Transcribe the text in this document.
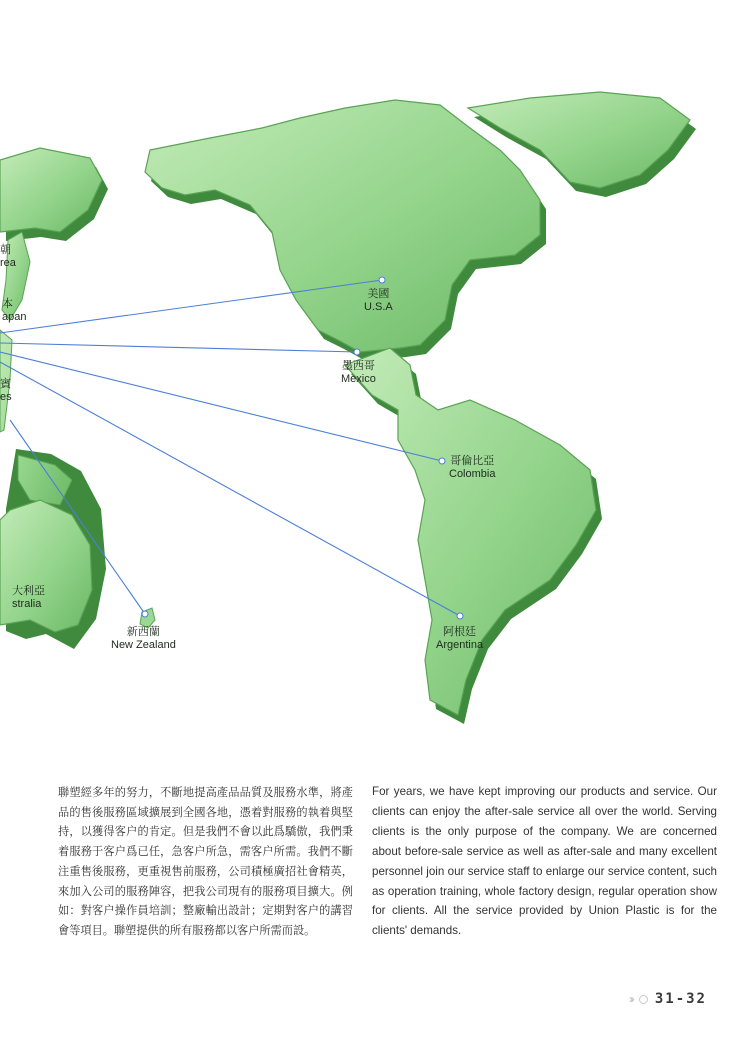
美國
U.S.A
墨西哥
Mexico
哥倫比亞
Colombia
阿根廷
Argentina
新西蘭
New Zealand
大利亞
stralia
本
apan
朝
rea
賓
es
聯塑經多年的努力，不斷地提高產品品質及服務水準，將產品的售後服務區域擴展到全國各地，憑着對服務的執着與堅持，以獲得客户的肯定。但是我們不會以此爲驕傲，我們秉着服務于客户爲已任，急客户所急，需客户所需。我們不斷注重售後服務，更重視售前服務，公司積極廣招社會精英，來加入公司的服務陣容，把我公司現有的服務項目擴大。例如：對客户操作員培訓；整廠輸出設計；定期對客户的講習會等項目。聯塑提供的所有服務都以客户所需而設。
For years, we have kept improving our products and service. Our clients can enjoy the after-sale service all over the world. Serving clients is the only purpose of the company. We are concerned about before-sale service as well as after-sale and many excellent personnel join our service staff to enlarge our service content, such as operation training, whole factory design, regular operation show for clients. All the service provided by Union Plastic is for the clients' demands.
››› 31-32
